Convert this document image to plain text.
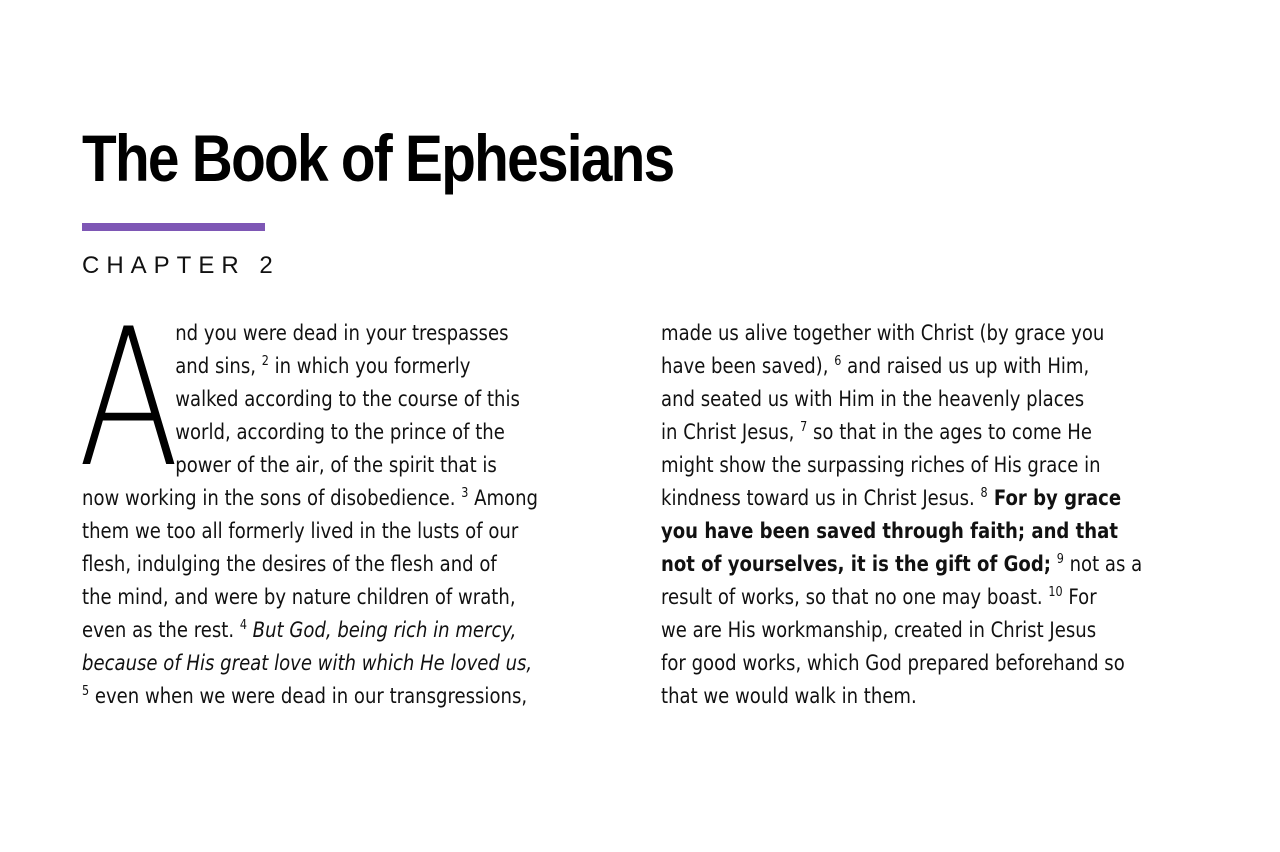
The Book of Ephesians
CHAPTER 2
A
nd you were dead in your trespasses
and sins, $^2$ in which you formerly
walked according to the course of this
world, according to the prince of the
power of the air, of the spirit that is
now working in the sons of disobedience. $^3$ Among
them we too all formerly lived in the lusts of our
flesh, indulging the desires of the flesh and of
the mind, and were by nature children of wrath,
even as the rest. $^4$ But God, being rich in mercy,
because of His great love with which He loved us,
$^5$ even when we were dead in our transgressions,
made us alive together with Christ (by grace you
have been saved), $^6$ and raised us up with Him,
and seated us with Him in the heavenly places
in Christ Jesus, $^7$ so that in the ages to come He
might show the surpassing riches of His grace in
kindness toward us in Christ Jesus. $^8$ For by grace
you have been saved through faith; and that
not of yourselves, it is the gift of God; $^9$ not as a
result of works, so that no one may boast. $^{10}$ For
we are His workmanship, created in Christ Jesus
for good works, which God prepared beforehand so
that we would walk in them.
